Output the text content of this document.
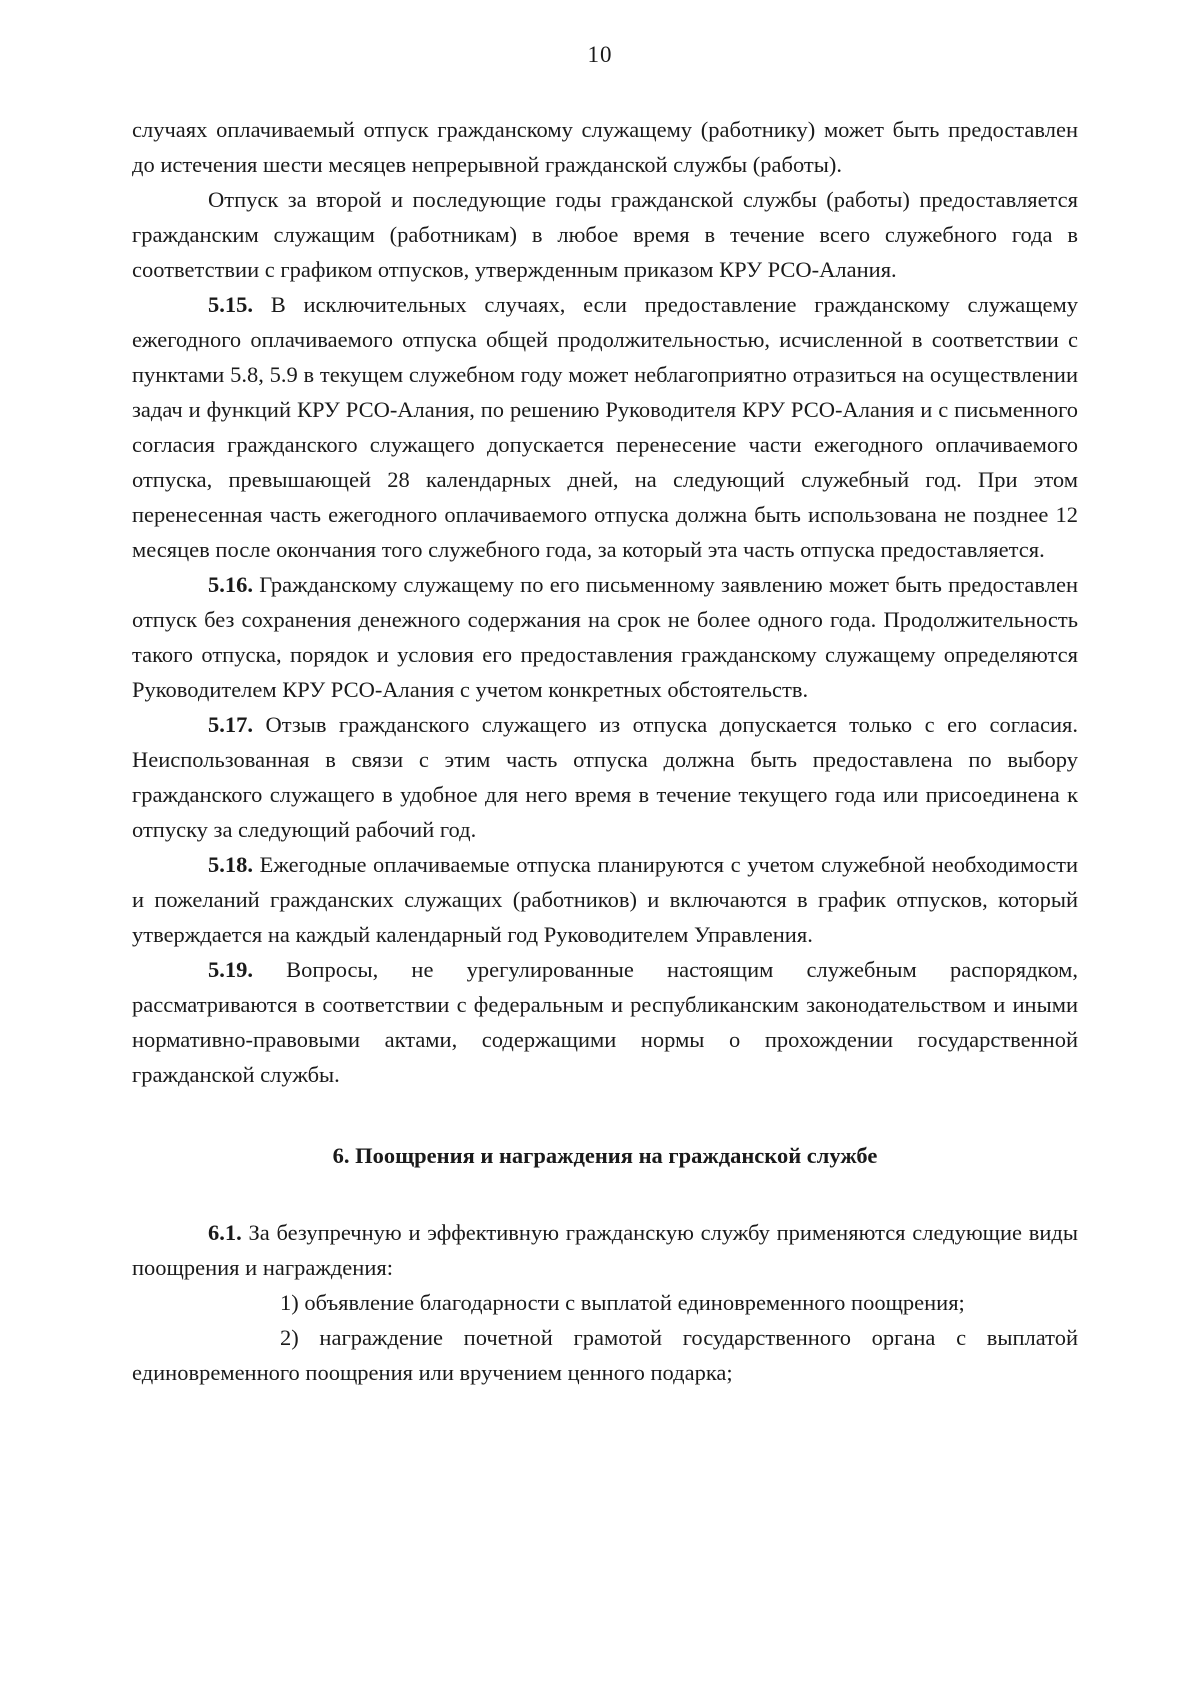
10

случаях оплачиваемый отпуск гражданскому служащему (работнику) может быть предоставлен до истечения шести месяцев непрерывной гражданской службы (работы).

Отпуск за второй и последующие годы гражданской службы (работы) предоставляется гражданским служащим (работникам) в любое время в течение всего служебного года в соответствии с графиком отпусков, утвержденным приказом КРУ РСО-Алания.

5.15. В исключительных случаях, если предоставление гражданскому служащему ежегодного оплачиваемого отпуска общей продолжительностью, исчисленной в соответствии с пунктами 5.8, 5.9 в текущем служебном году может неблагоприятно отразиться на осуществлении задач и функций КРУ РСО-Алания, по решению Руководителя КРУ РСО-Алания и с письменного согласия гражданского служащего допускается перенесение части ежегодного оплачиваемого отпуска, превышающей 28 календарных дней, на следующий служебный год. При этом перенесенная часть ежегодного оплачиваемого отпуска должна быть использована не позднее 12 месяцев после окончания того служебного года, за который эта часть отпуска предоставляется.

5.16. Гражданскому служащему по его письменному заявлению может быть предоставлен отпуск без сохранения денежного содержания на срок не более одного года. Продолжительность такого отпуска, порядок и условия его предоставления гражданскому служащему определяются Руководителем КРУ РСО-Алания с учетом конкретных обстоятельств.

5.17. Отзыв гражданского служащего из отпуска допускается только с его согласия. Неиспользованная в связи с этим часть отпуска должна быть предоставлена по выбору гражданского служащего в удобное для него время в течение текущего года или присоединена к отпуску за следующий рабочий год.

5.18. Ежегодные оплачиваемые отпуска планируются с учетом служебной необходимости и пожеланий гражданских служащих (работников) и включаются в график отпусков, который утверждается на каждый календарный год Руководителем Управления.

5.19. Вопросы, не урегулированные настоящим служебным распорядком, рассматриваются в соответствии с федеральным и республиканским законодательством и иными нормативно-правовыми актами, содержащими нормы о прохождении государственной гражданской службы.

6. Поощрения и награждения на гражданской службе

6.1. За безупречную и эффективную гражданскую службу применяются следующие виды поощрения и награждения:

1) объявление благодарности с выплатой единовременного поощрения;

2) награждение почетной грамотой государственного органа с выплатой единовременного поощрения или вручением ценного подарка;
